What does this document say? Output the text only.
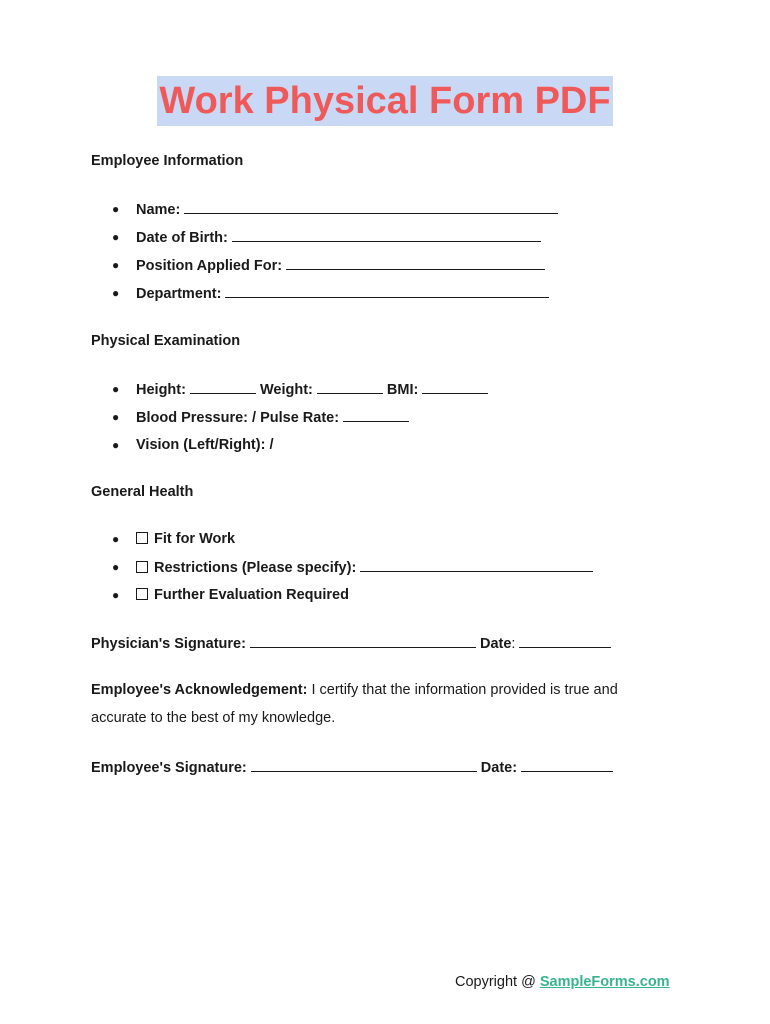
Work Physical Form PDF
Employee Information
● Name:
● Date of Birth:
● Position Applied For:
● Department:
Physical Examination
● Height:	Weight:	BMI:
● Blood Pressure: / Pulse Rate:
● Vision (Left/Right): /
General Health
● Fit for Work
● Restrictions (Please specify):
● Further Evaluation Required
Physician's Signature:	Date:
Employee's Acknowledgement: I certify that the information provided is true and accurate to the best of my knowledge.
Employee's Signature:	Date:
Copyright @ SampleForms.com
